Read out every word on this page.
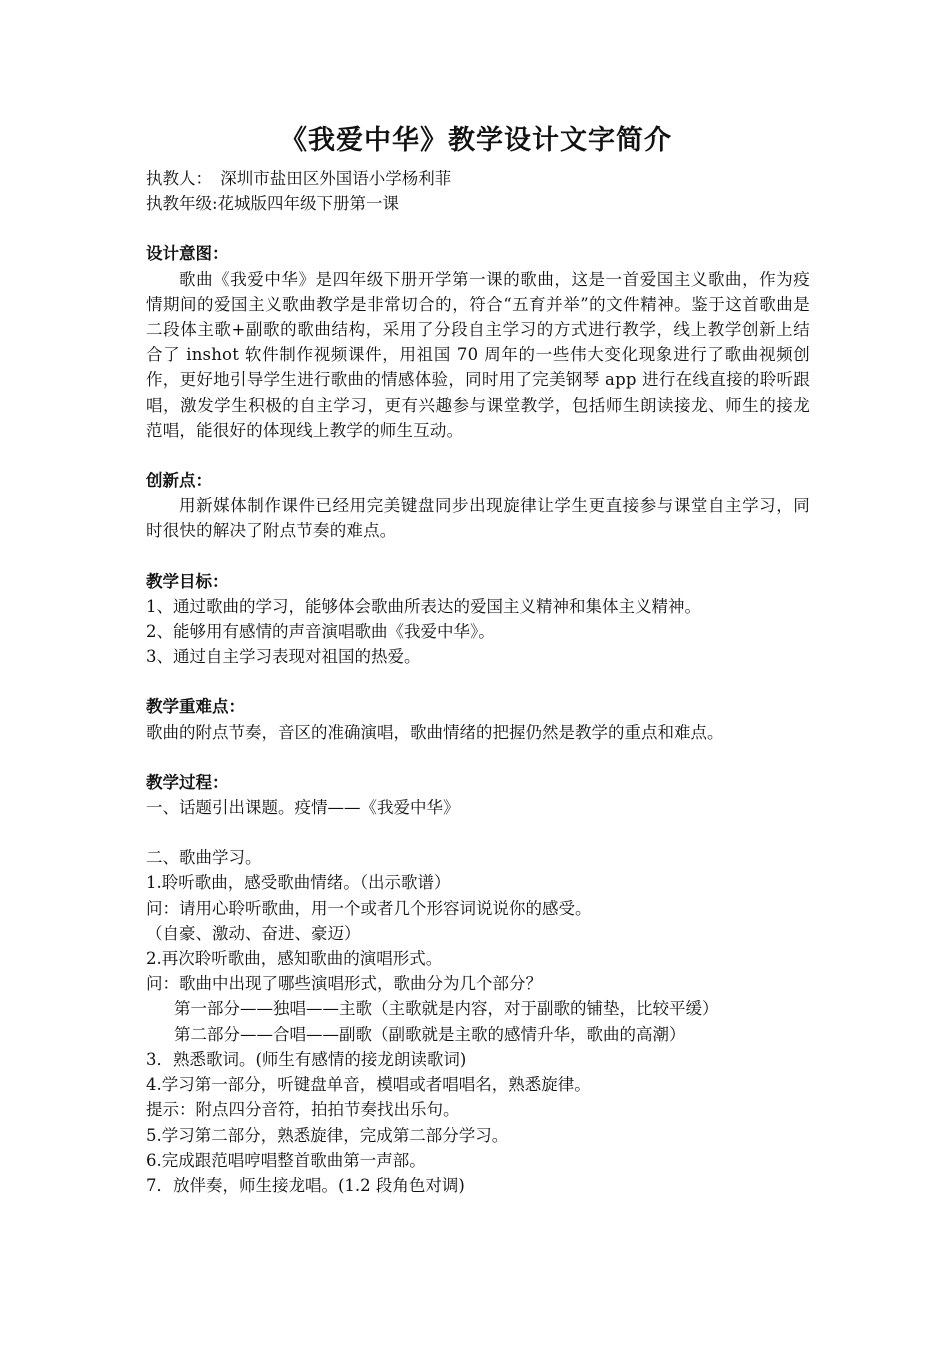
《我爱中华》教学设计文字简介

执教人：　深圳市盐田区外国语小学杨利菲

执教年级:花城版四年级下册第一课

设计意图：

歌曲《我爱中华》是四年级下册开学第一课的歌曲，这是一首爱国主义歌曲，作为疫情期间的爱国主义歌曲教学是非常切合的，符合“五育并举”的文件精神。鉴于这首歌曲是二段体主歌+副歌的歌曲结构，采用了分段自主学习的方式进行教学，线上教学创新上结合了 inshot 软件制作视频课件，用祖国 70 周年的一些伟大变化现象进行了歌曲视频创作，更好地引导学生进行歌曲的情感体验，同时用了完美钢琴 app 进行在线直接的聆听跟唱，激发学生积极的自主学习，更有兴趣参与课堂教学，包括师生朗读接龙、师生的接龙范唱，能很好的体现线上教学的师生互动。

创新点：

用新媒体制作课件已经用完美键盘同步出现旋律让学生更直接参与课堂自主学习，同时很快的解决了附点节奏的难点。

教学目标：

1、通过歌曲的学习，能够体会歌曲所表达的爱国主义精神和集体主义精神。

2、能够用有感情的声音演唱歌曲《我爱中华》。

3、通过自主学习表现对祖国的热爱。

教学重难点：

歌曲的附点节奏，音区的准确演唱，歌曲情绪的把握仍然是教学的重点和难点。

教学过程：

一、话题引出课题。疫情——《我爱中华》

二、歌曲学习。

1.聆听歌曲，感受歌曲情绪。（出示歌谱）

问：请用心聆听歌曲，用一个或者几个形容词说说你的感受。

（自豪、激动、奋进、豪迈）

2.再次聆听歌曲，感知歌曲的演唱形式。

问：歌曲中出现了哪些演唱形式，歌曲分为几个部分？

第一部分——独唱——主歌（主歌就是内容，对于副歌的铺垫，比较平缓）

第二部分——合唱——副歌（副歌就是主歌的感情升华，歌曲的高潮）

3．熟悉歌词。(师生有感情的接龙朗读歌词)

4.学习第一部分，听键盘单音，模唱或者唱唱名，熟悉旋律。

提示：附点四分音符，拍拍节奏找出乐句。

5.学习第二部分，熟悉旋律，完成第二部分学习。

6.完成跟范唱哼唱整首歌曲第一声部。

7．放伴奏，师生接龙唱。(1.2 段角色对调)
